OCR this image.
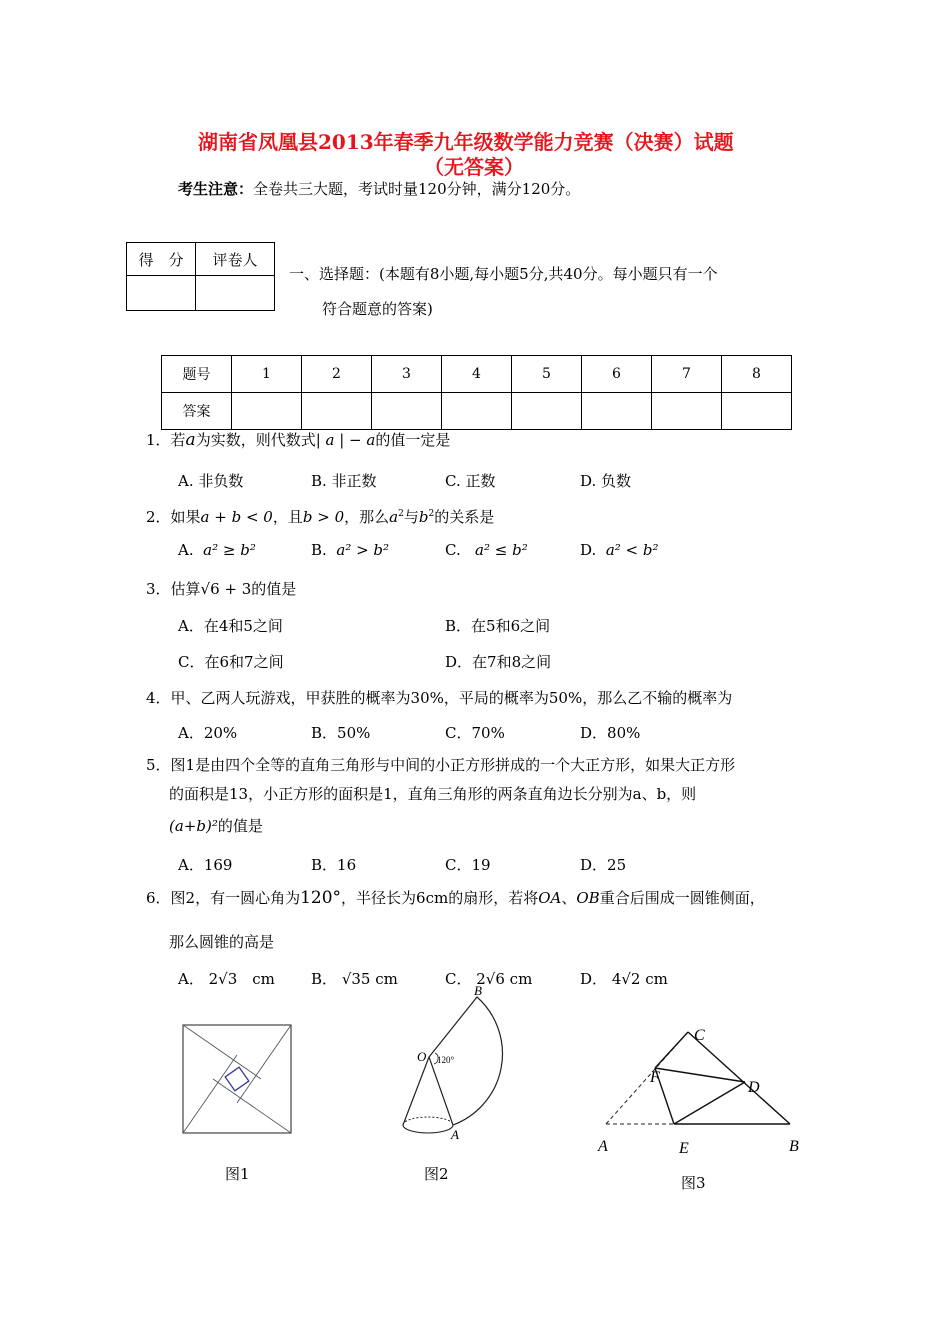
湖南省凤凰县2013年春季九年级数学能力竞赛（决赛）试题
（无答案）
考生注意：全卷共三大题，考试时量120分钟，满分120分。
得　分	评卷人

一、选择题：(本题有8小题,每小题5分,共40分。每小题只有一个
符合题意的答案)
题号	1	2	3	4	5	6	7	8
答案								
1．若a为实数，则代数式| a | − a的值一定是
A. 非负数	B. 非正数	C. 正数	D. 负数
2．如果a + b < 0，且b > 0，那么$a^2$与$b^2$的关系是
A. a² ≥ b²	B. a² > b²	C. a² ≤ b²	D. a² < b²
3．估算√6 + 3的值是
A．在4和5之间	B．在5和6之间
C．在6和7之间	D．在7和8之间
4．甲、乙两人玩游戏，甲获胜的概率为30%，平局的概率为50%，那么乙不输的概率为
A．20%	B．50%	C．70%	D．80%
5．图1是由四个全等的直角三角形与中间的小正方形拼成的一个大正方形，如果大正方形
的面积是13，小正方形的面积是1，直角三角形的两条直角边长分别为a、b，则
(a+b)²的值是
A．169	B．16	C．19	D．25
6．图2，有一圆心角为120°，半径长为6cm的扇形，若将OA、OB重合后围成一圆锥侧面，
那么圆锥的高是
A． 2√3　cm B． √35 cm	C． 2√6 cm	D． 4√2 cm
图1
B
O 120°
A
图2
C
F
D
A	E	B
图3
